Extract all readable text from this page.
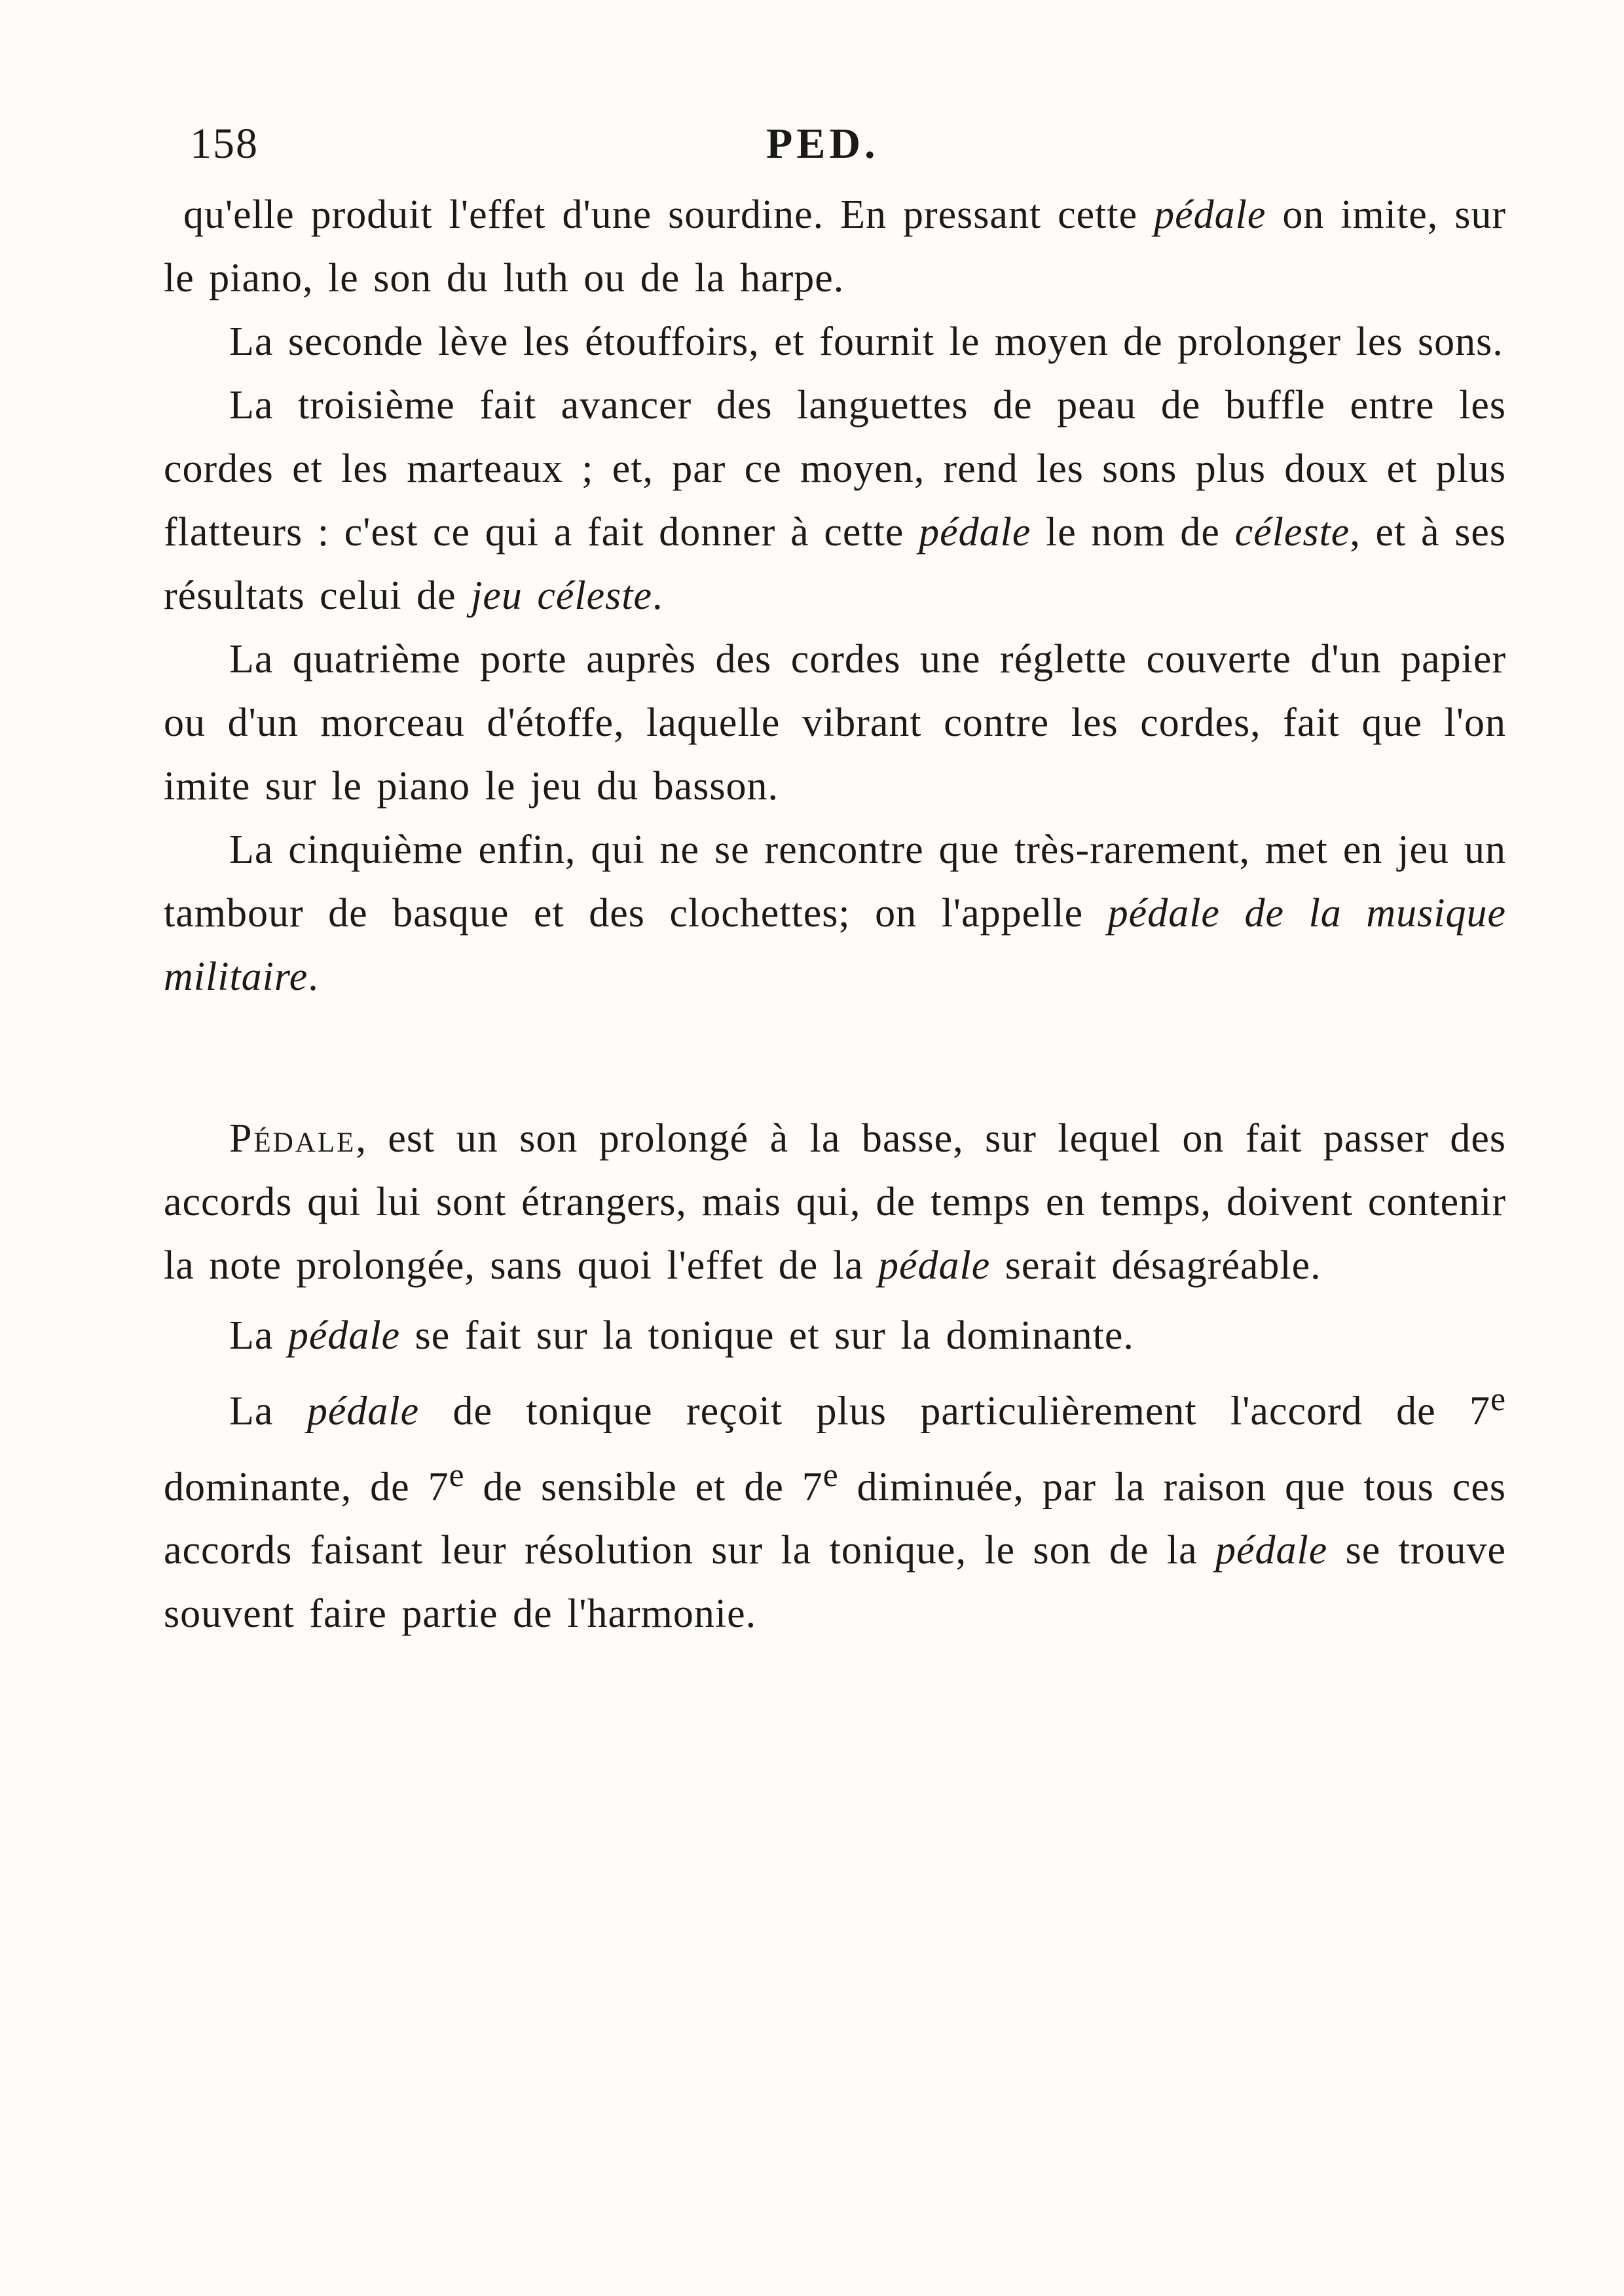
158	PED.

qu'elle produit l'effet d'une sourdine. En pressant cette pédale on imite, sur le piano, le son du luth ou de la harpe.

La seconde lève les étouffoirs, et fournit le moyen de prolonger les sons.

La troisième fait avancer des languettes de peau de buffle entre les cordes et les marteaux ; et, par ce moyen, rend les sons plus doux et plus flatteurs : c'est ce qui a fait donner à cette pédale le nom de céleste, et à ses résultats celui de jeu céleste.

La quatrième porte auprès des cordes une réglette couverte d'un papier ou d'un morceau d'étoffe, laquelle vibrant contre les cordes, fait que l'on imite sur le piano le jeu du basson.

La cinquième enfin, qui ne se rencontre que très-rarement, met en jeu un tambour de basque et des clochettes; on l'appelle pédale de la musique militaire.

Pédale, est un son prolongé à la basse, sur lequel on fait passer des accords qui lui sont étrangers, mais qui, de temps en temps, doivent contenir la note prolongée, sans quoi l'effet de la pédale serait désagréable.

La pédale se fait sur la tonique et sur la dominante.

La pédale de tonique reçoit plus particulièrement l'accord de 7e dominante, de 7e de sensible et de 7e diminuée, par la raison que tous ces accords faisant leur résolution sur la tonique, le son de la pédale se trouve souvent faire partie de l'harmonie.
